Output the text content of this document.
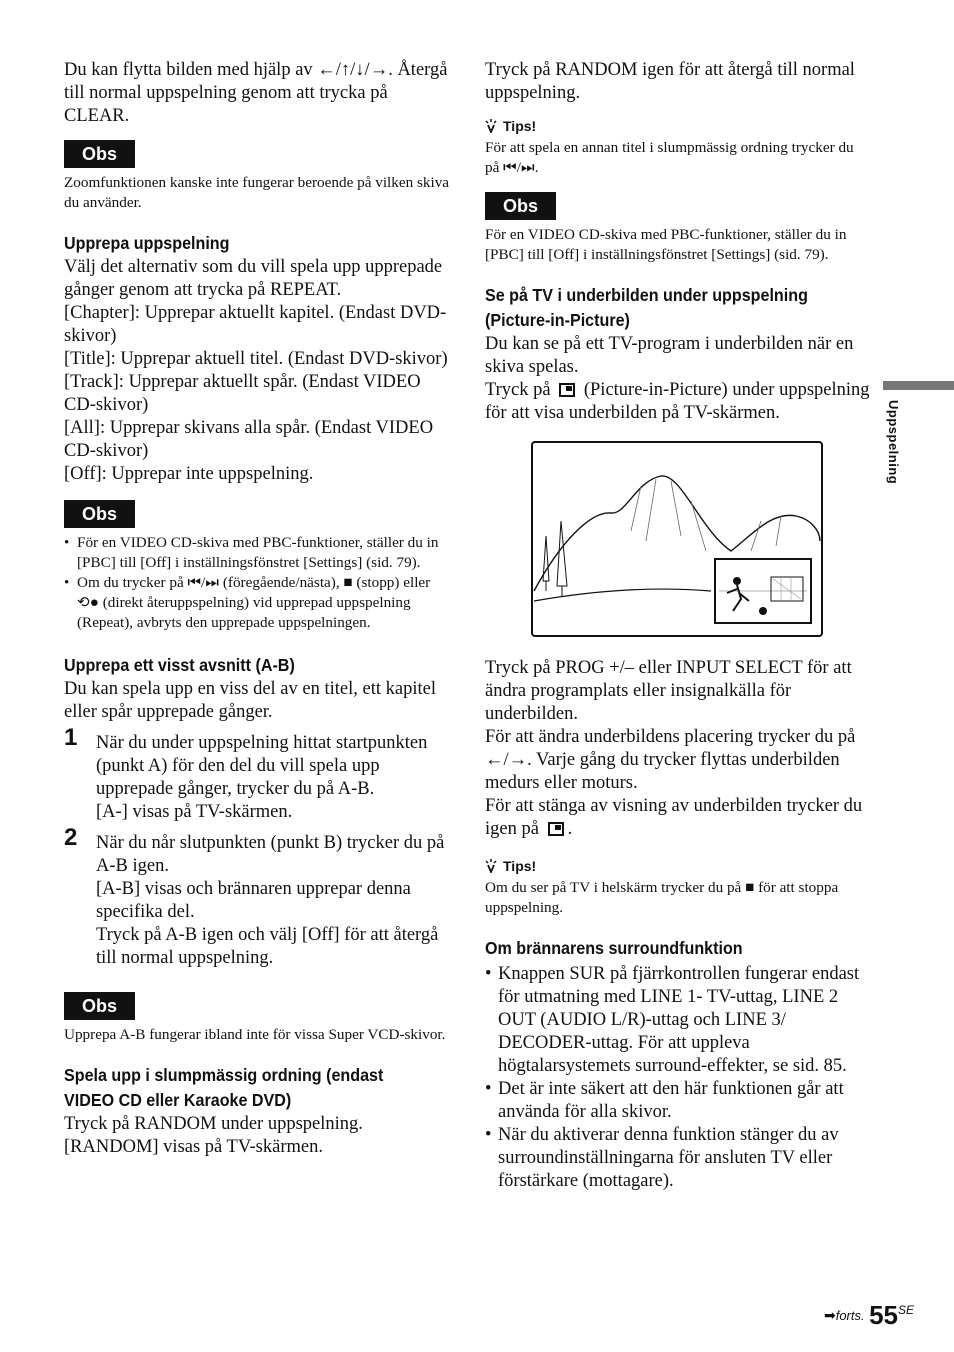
Du kan flytta bilden med hjälp av ←/↑/↓/→. Återgå till normal uppspelning genom att trycka på CLEAR.

Obs

Zoomfunktionen kanske inte fungerar beroende på vilken skiva du använder.

Upprepa uppspelning

Välj det alternativ som du vill spela upp upprepade gånger genom att trycka på REPEAT.

[Chapter]: Upprepar aktuellt kapitel. (Endast DVD-skivor)

[Title]: Upprepar aktuell titel. (Endast DVD-skivor)

[Track]: Upprepar aktuellt spår. (Endast VIDEO CD-skivor)

[All]: Upprepar skivans alla spår. (Endast VIDEO CD-skivor)

[Off]: Upprepar inte uppspelning.

Obs
• För en VIDEO CD-skiva med PBC-funktioner, ställer du in [PBC] till [Off] i inställningsfönstret [Settings] (sid. 79).
• Om du trycker på ⏮/⏭ (föregående/nästa), ■ (stopp) eller ⟲● (direkt återuppspelning) vid upprepad uppspelning (Repeat), avbryts den upprepade uppspelningen.
Upprepa ett visst avsnitt (A-B)

Du kan spela upp en viss del av en titel, ett kapitel eller spår upprepade gånger.

1 När du under uppspelning hittat startpunkten (punkt A) för den del du vill spela upp upprepade gånger, trycker du på A-B.
[A-] visas på TV-skärmen.
2 När du når slutpunkten (punkt B) trycker du på A-B igen.
[A-B] visas och brännaren upprepar denna specifika del.
Tryck på A-B igen och välj [Off] för att återgå till normal uppspelning.
Obs

Upprepa A-B fungerar ibland inte för vissa Super VCD-skivor.

Spela upp i slumpmässig ordning (endast
VIDEO CD eller Karaoke DVD)

Tryck på RANDOM under uppspelning.

[RANDOM] visas på TV-skärmen.

Tryck på RANDOM igen för att återgå till normal uppspelning.

Tips!

För att spela en annan titel i slumpmässig ordning trycker du på ⏮/⏭.

Obs

För en VIDEO CD-skiva med PBC-funktioner, ställer du in [PBC] till [Off] i inställningsfönstret [Settings] (sid. 79).

Se på TV i underbilden under uppspelning
(Picture-in-Picture)

Du kan se på ett TV-program i underbilden när en skiva spelas.

Tryck på (Picture-in-Picture) under uppspelning för att visa underbilden på TV-skärmen.

Tryck på PROG +/– eller INPUT SELECT för att ändra programplats eller insignalkälla för underbilden.

För att ändra underbildens placering trycker du på ←/→. Varje gång du trycker flyttas underbilden medurs eller moturs.

För att stänga av visning av underbilden trycker du igen på .

Tips!

Om du ser på TV i helskärm trycker du på ■ för att stoppa uppspelning.

Om brännarens surroundfunktion
• Knappen SUR på fjärrkontrollen fungerar endast för utmatning med LINE 1- TV-uttag, LINE 2 OUT (AUDIO L/R)-uttag och LINE 3/ DECODER-uttag. För att uppleva högtalarsystemets surround-effekter, se sid. 85.
• Det är inte säkert att den här funktionen går att använda för alla skivor.
• När du aktiverar denna funktion stänger du av surroundinställningarna för ansluten TV eller förstärkare (mottagare).
Uppspelning
➡forts. $55^{SE}$
